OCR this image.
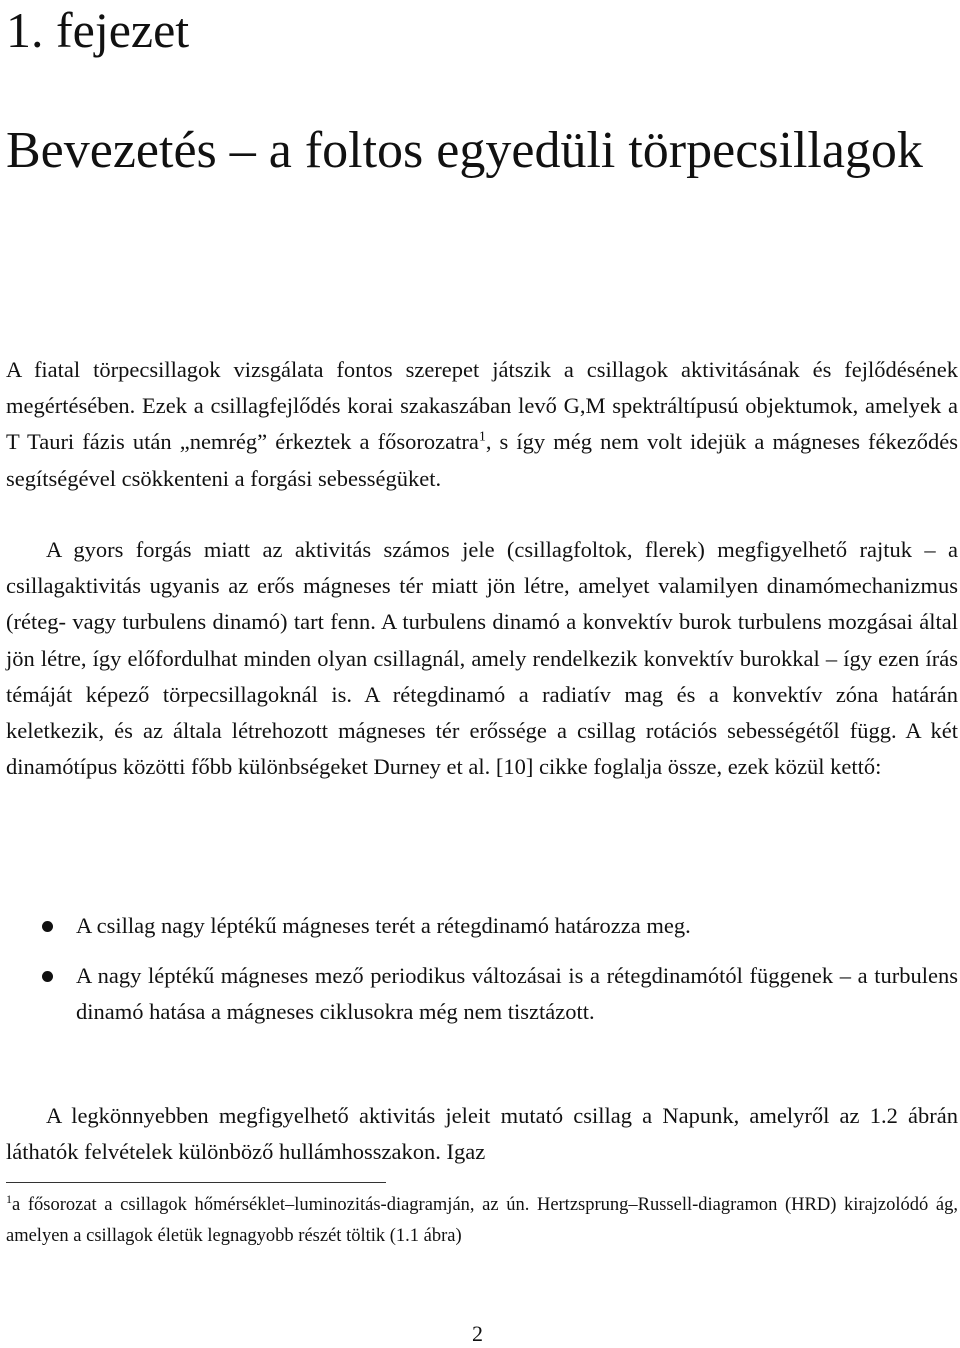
1. fejezet
Bevezetés – a foltos egyedüli törpecsillagok

A fiatal törpecsillagok vizsgálata fontos szerepet játszik a csillagok aktivitásának és fejlődésének megértésében. Ezek a csillagfejlődés korai szakaszában levő G,M spektráltípusú objektumok, amelyek a T Tauri fázis után „nemrég” érkeztek a fősorozatra$^1$, s így még nem volt idejük a mágneses fékeződés segítségével csökkenteni a forgási sebességüket.

A gyors forgás miatt az aktivitás számos jele (csillagfoltok, flerek) megfigyelhető rajtuk – a csillagaktivitás ugyanis az erős mágneses tér miatt jön létre, amelyet valamilyen dinamómechanizmus (réteg- vagy turbulens dinamó) tart fenn. A turbulens dinamó a konvektív burok turbulens mozgásai által jön létre, így előfordulhat minden olyan csillagnál, amely rendelkezik konvektív burokkal – így ezen írás témáját képező törpecsillagoknál is. A rétegdinamó a radiatív mag és a konvektív zóna határán keletkezik, és az általa létrehozott mágneses tér erőssége a csillag rotációs sebességétől függ. A két dinamótípus közötti főbb különbségeket Durney et al. [10] cikke foglalja össze, ezek közül kettő:

A csillag nagy léptékű mágneses terét a rétegdinamó határozza meg.
A nagy léptékű mágneses mező periodikus változásai is a rétegdinamótól függenek – a turbulens dinamó hatása a mágneses ciklusokra még nem tisztázott.

A legkönnyebben megfigyelhető aktivitás jeleit mutató csillag a Napunk, amelyről az 1.2 ábrán láthatók felvételek különböző hullámhosszakon. Igaz

$^1$a fősorozat a csillagok hőmérséklet–luminozitás-diagramján, az ún. Hertzsprung–Russell-diagramon (HRD) kirajzolódó ág, amelyen a csillagok életük legnagyobb részét töltik (1.1 ábra)
2
